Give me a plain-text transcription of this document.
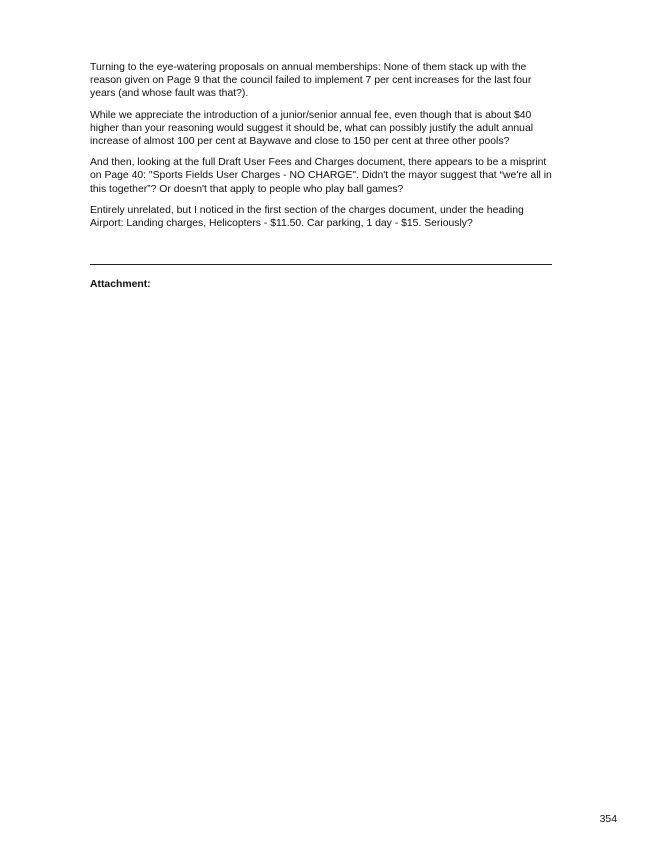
Turning to the eye-watering proposals on annual memberships: None of them stack up with the reason given on Page 9 that the council failed to implement 7 per cent increases for the last four years (and whose fault was that?).

While we appreciate the introduction of a junior/senior annual fee, even though that is about $40 higher than your reasoning would suggest it should be, what can possibly justify the adult annual increase of almost 100 per cent at Baywave and close to 150 per cent at three other pools?

And then, looking at the full Draft User Fees and Charges document, there appears to be a misprint on Page 40: "Sports Fields User Charges - NO CHARGE". Didn't the mayor suggest that “we're all in this together”? Or doesn't that apply to people who play ball games?

Entirely unrelated, but I noticed in the first section of the charges document, under the heading Airport: Landing charges, Helicopters - $11.50. Car parking, 1 day - $15. Seriously?

Attachment:
354
